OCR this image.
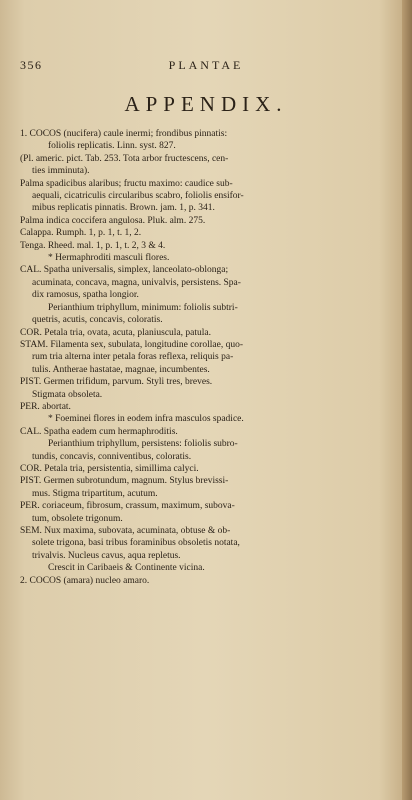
356	PLANTAE
APPENDIX.
1. COCOS (nucifera) caule inermi; frondibus pinnatis:
foliolis replicatis. Linn. syst. 827.
(Pl. americ. pict. Tab. 253. Tota arbor fructescens, cen-
ties imminuta).
Palma spadicibus alaribus; fructu maximo: caudice sub-
aequali, cicatriculis circularibus scabro, foliolis ensifor-
mibus replicatis pinnatis. Brown. jam. 1, p. 341.
Palma indica coccifera angulosa. Pluk. alm. 275.
Calappa. Rumph. 1, p. 1, t. 1, 2.
Tenga. Rheed. mal. 1, p. 1, t. 2, 3 & 4.
* Hermaphroditi masculi flores.
CAL. Spatha universalis, simplex, lanceolato-oblonga;
acuminata, concava, magna, univalvis, persistens. Spa-
dix ramosus, spatha longior.
Perianthium triphyllum, minimum: foliolis subtri-
quetris, acutis, concavis, coloratis.
COR. Petala tria, ovata, acuta, planiuscula, patula.
STAM. Filamenta sex, subulata, longitudine corollae, quo-
rum tria alterna inter petala foras reflexa, reliquis pa-
tulis. Antherae hastatae, magnae, incumbentes.
PIST. Germen trifidum, parvum. Styli tres, breves.
Stigmata obsoleta.
PER. abortat.
* Foeminei flores in eodem infra masculos spadice.
CAL. Spatha eadem cum hermaphroditis.
Perianthium triphyllum, persistens: foliolis subro-
tundis, concavis, conniventibus, coloratis.
COR. Petala tria, persistentia, simillima calyci.
PIST. Germen subrotundum, magnum. Stylus brevissi-
mus. Stigma tripartitum, acutum.
PER. coriaceum, fibrosum, crassum, maximum, subova-
tum, obsolete trigonum.
SEM. Nux maxima, subovata, acuminata, obtuse & ob-
solete trigona, basi tribus foraminibus obsoletis notata,
trivalvis. Nucleus cavus, aqua repletus.
Crescit in Caribaeis & Continente vicina.
2. COCOS (amara) nucleo amaro.
